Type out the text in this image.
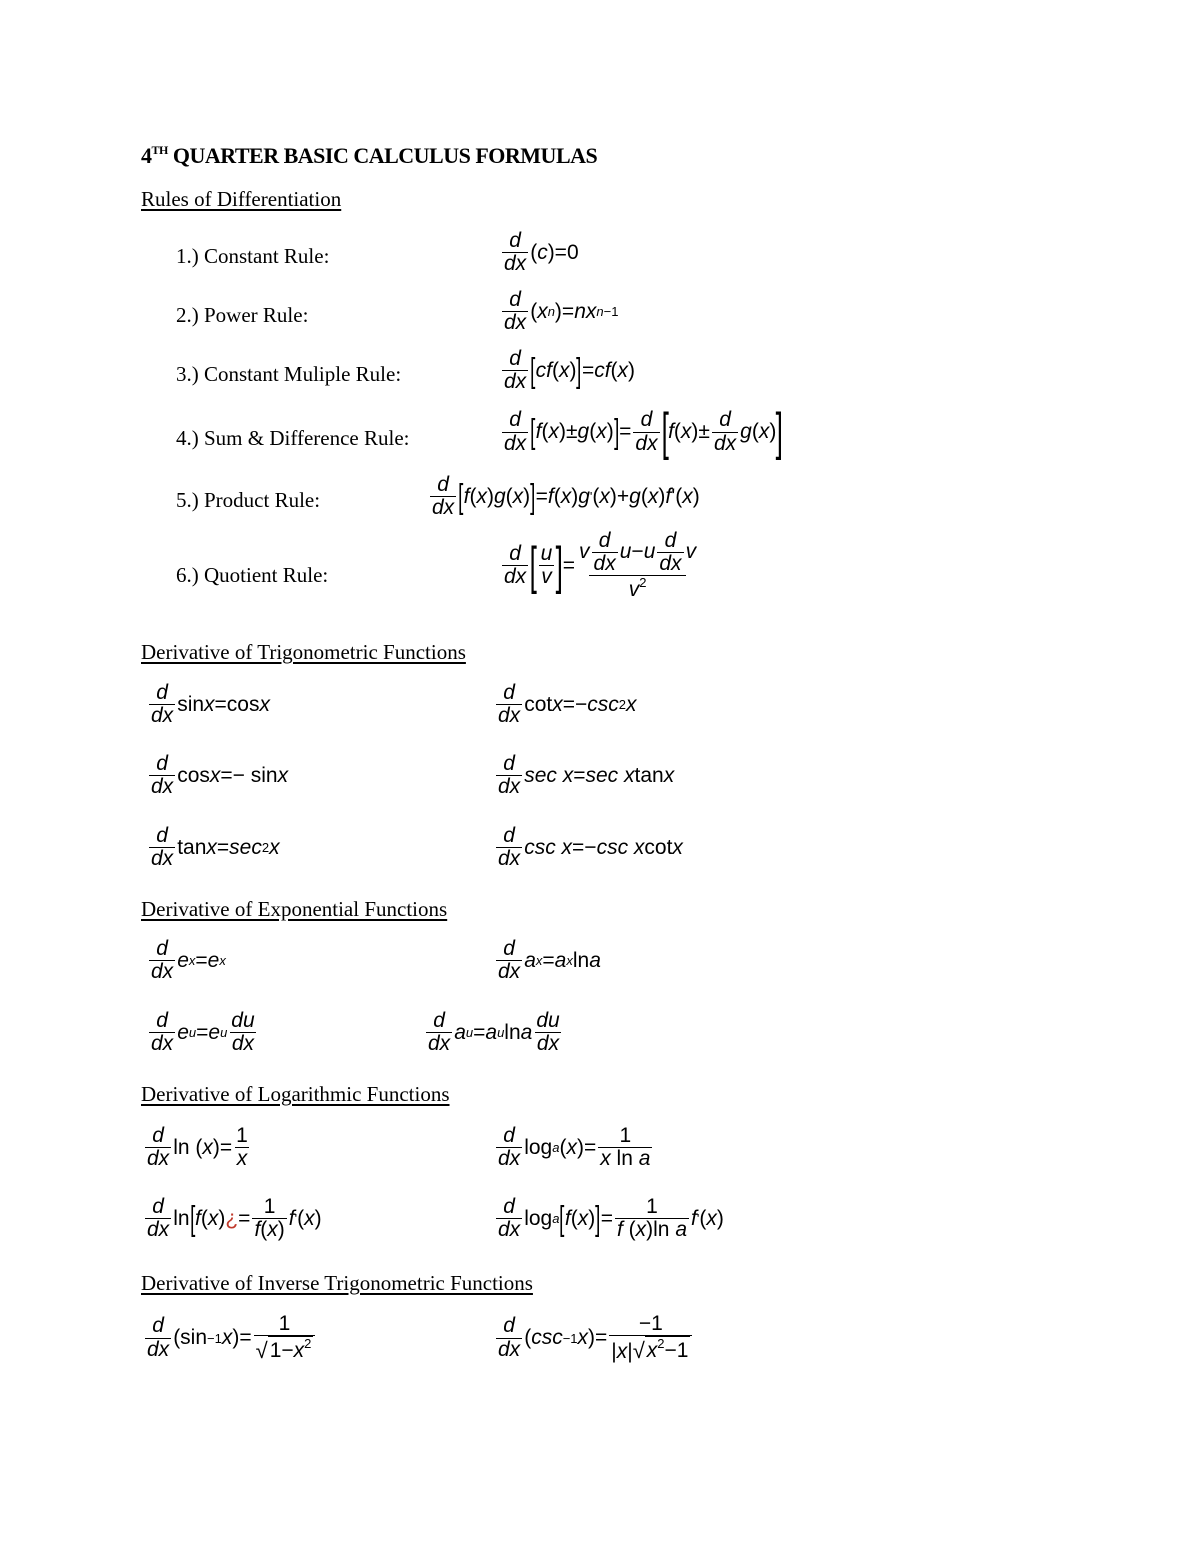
4TH QUARTER BASIC CALCULUS FORMULAS
Rules of Differentiation
1.) Constant Rule:	$\frac{d}{dx}$ ( c )=0
2.) Power Rule:	$\frac{d}{dx}$ ( x n )= nx n −1
3.) Constant Muliple Rule:	$\frac{d}{dx}$ [ cf ( x ) ] = cf ( x )
4.) Sum & Difference Rule:	$\frac{d}{dx}$ [ f ( x )± g ( x ) ] = $\frac{d}{dx}$ [ f ( x )± $\frac{d}{dx}$ g ( x ) ]
5.) Product Rule:	$\frac{d}{dx}$ [ f ( x ) g ( x ) ] = f ( x ) g ' ( x )+ g ( x ) f '( x )
6.) Quotient Rule:	$\frac{d}{dx}$ [ $\frac{u}{v}$ ] = $\frac{v \frac{d}{dx} u-u \frac{d}{dx} v}{v^2}$
Derivative of Trigonometric Functions
$\frac{d}{dx}$ sin x =cos x	$\frac{d}{dx}$ cot x =− csc 2 x
$\frac{d}{dx}$ cos x =− sin x	$\frac{d}{dx}$ sec x = sec x tan x
$\frac{d}{dx}$ tan x = sec 2 x	$\frac{d}{dx}$ csc x =− csc x cot x
Derivative of Exponential Functions
$\frac{d}{dx}$ e x = e x	$\frac{d}{dx}$ a x = a x ln a
$\frac{d}{dx}$ e u = e u $\frac{du}{dx}$	$\frac{d}{dx}$ a u = a u ln a $\frac{du}{dx}$
Derivative of Logarithmic Functions
$\frac{d}{dx}$ ln ( x )= $\frac{1}{x}$	$\frac{d}{dx}$ log a ( x )= $\frac{1}{\text{x ln a}}$
$\frac{d}{dx}$ ln [ f ( x ) ¿ = $\frac{1}{f(x)}$ f ' ( x )	$\frac{d}{dx}$ log a [ f ( x ) ] = $\frac{1}{\text{f (x)ln a}}$ f ' ( x )
Derivative of Inverse Trigonometric Functions
$\frac{d}{dx} (\sin -1$ x )= $\frac{1}{√ 1-x^2}$	$\frac{d}{dx}$ ( csc −1 x )= $\frac{-1}{|x| √ x^2-1}$
